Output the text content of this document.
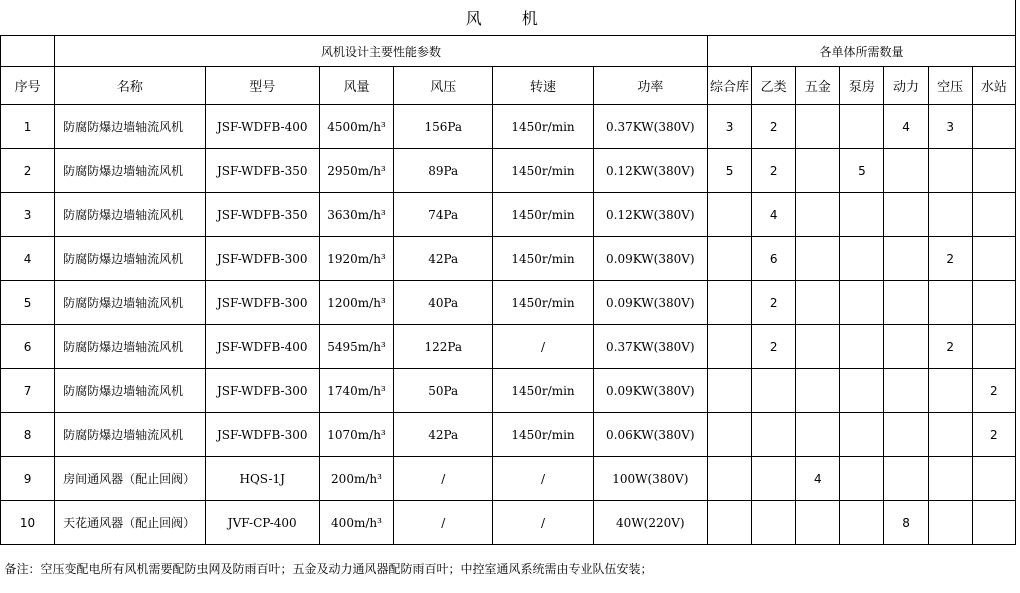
风　机													
	风机设计主要性能参数						各单体所需数量						
序号	名称	型号	风量	风压	转速	功率	综合库	乙类	五金	泵房	动力	空压	水站
1	防腐防爆边墙轴流风机	JSF-WDFB-400	4500m/h³	156Pa	1450r/min	0.37KW(380V)	3	2			4	3	
2	防腐防爆边墙轴流风机	JSF-WDFB-350	2950m/h³	89Pa	1450r/min	0.12KW(380V)	5	2		5			
3	防腐防爆边墙轴流风机	JSF-WDFB-350	3630m/h³	74Pa	1450r/min	0.12KW(380V)		4					
4	防腐防爆边墙轴流风机	JSF-WDFB-300	1920m/h³	42Pa	1450r/min	0.09KW(380V)		6				2	
5	防腐防爆边墙轴流风机	JSF-WDFB-300	1200m/h³	40Pa	1450r/min	0.09KW(380V)		2					
6	防腐防爆边墙轴流风机	JSF-WDFB-400	5495m/h³	122Pa	/	0.37KW(380V)		2				2	
7	防腐防爆边墙轴流风机	JSF-WDFB-300	1740m/h³	50Pa	1450r/min	0.09KW(380V)							2
8	防腐防爆边墙轴流风机	JSF-WDFB-300	1070m/h³	42Pa	1450r/min	0.06KW(380V)							2
9	房间通风器（配止回阀）	HQS-1J	200m/h³	/	/	100W(380V)			4				
10	天花通风器（配止回阀）	JVF-CP-400	400m/h³	/	/	40W(220V)					8		
备注：空压变配电所有风机需要配防虫网及防雨百叶；五金及动力通风器配防雨百叶；中控室通风系统需由专业队伍安装；													
